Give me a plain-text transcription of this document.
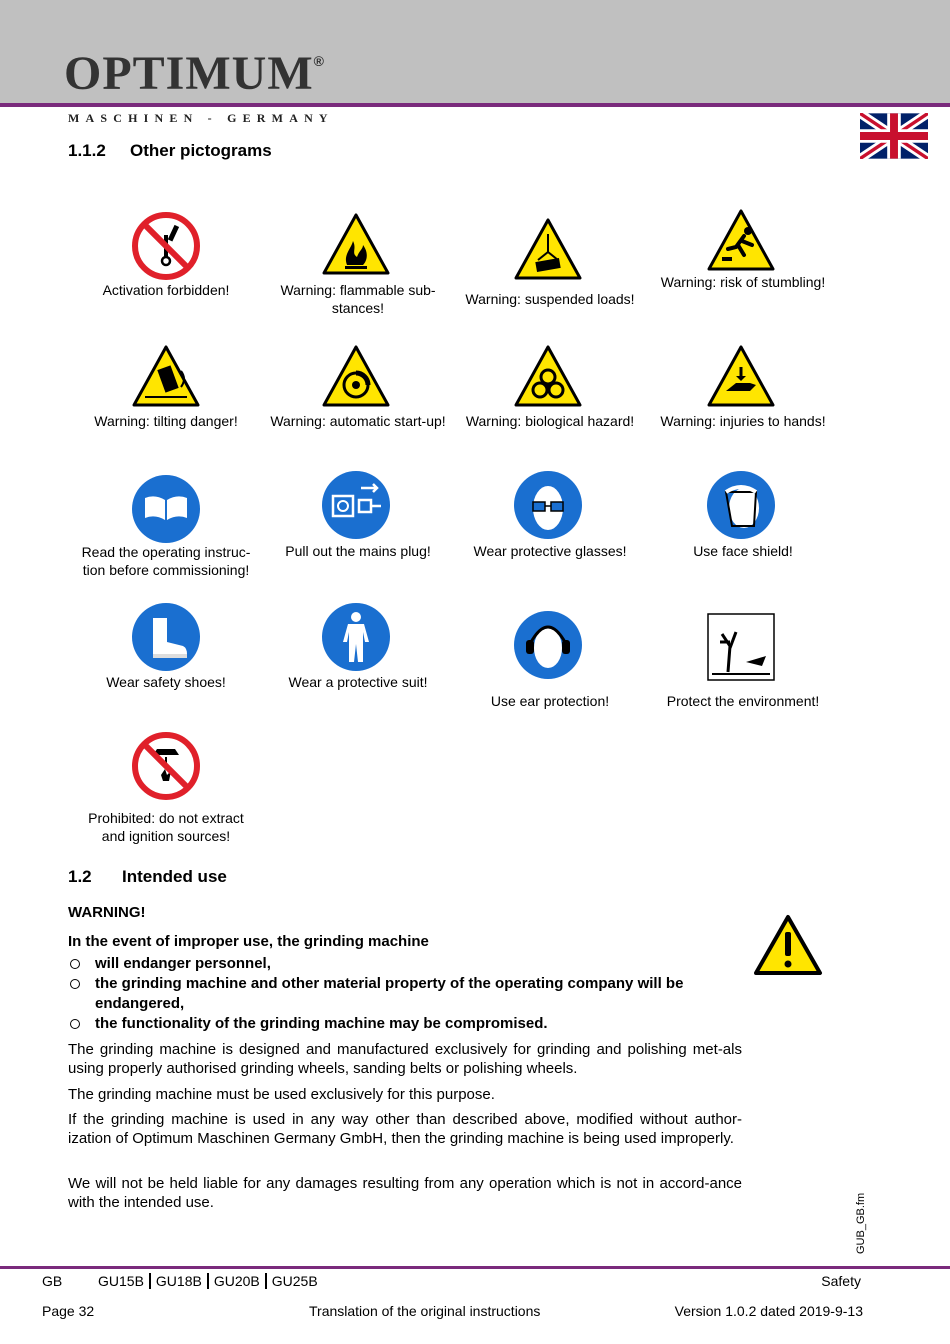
OPTIMUM®
MASCHINEN - GERMANY
1.1.2 Other pictograms
Activation forbidden!	Warning: flammable sub-stances!
Warning: suspended loads!
Warning: risk of stumbling!
Warning: tilting danger!	Warning: automatic start-up!	Warning: biological hazard!	Warning: injuries to hands!
Read the operating instruc-tion before commissioning!
Pull out the mains plug!	Wear protective glasses!	Use face shield!
Wear safety shoes!	Wear a protective suit!
Use ear protection!	Protect the environment!
Prohibited: do not extract and ignition sources!
1.2 Intended use
WARNING!
In the event of improper use, the grinding machine
will endanger personnel,
the grinding machine and other material property of the operating company will be endangered,
the functionality of the grinding machine may be compromised.

The grinding machine is designed and manufactured exclusively for grinding and polishing met-als using properly authorised grinding wheels, sanding belts or polishing wheels.

The grinding machine must be used exclusively for this purpose.

If the grinding machine is used in any way other than described above, modified without author-ization of Optimum Maschinen Germany GmbH, then the grinding machine is being used improperly.

We will not be held liable for any damages resulting from any operation which is not in accord-ance with the intended use.	GUB_GB.fm
GB	GU15B GU18B GU20B GU25B	Safety
Page 32	Translation of the original instructions	Version 1.0.2 dated 2019-9-13
